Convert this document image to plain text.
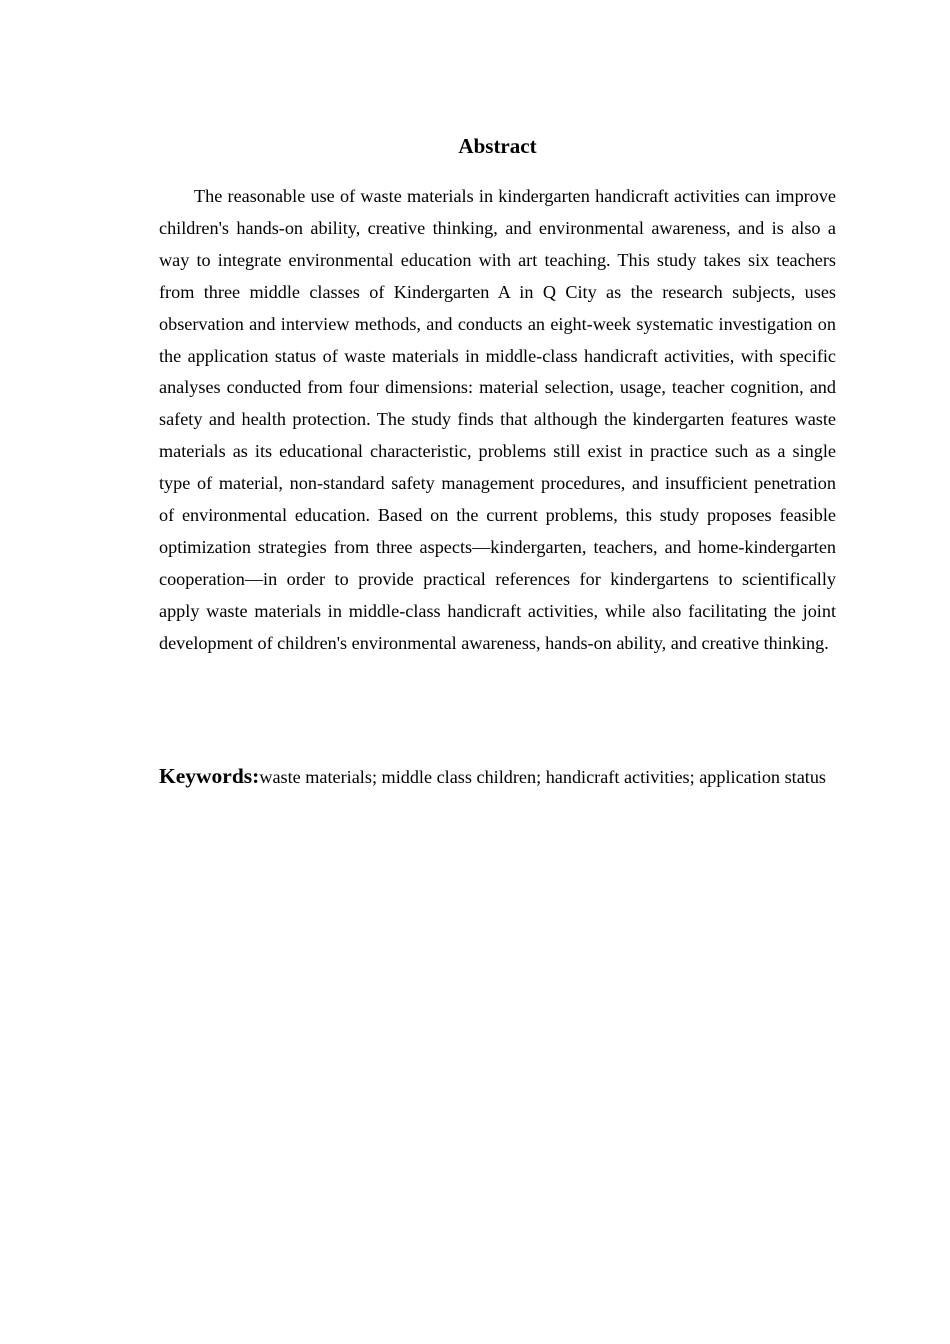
Abstract

The reasonable use of waste materials in kindergarten handicraft activities can improve children's hands-on ability, creative thinking, and environmental awareness, and is also a way to integrate environmental education with art teaching. This study takes six teachers from three middle classes of Kindergarten A in Q City as the research subjects, uses observation and interview methods, and conducts an eight-week systematic investigation on the application status of waste materials in middle-class handicraft activities, with specific analyses conducted from four dimensions: material selection, usage, teacher cognition, and safety and health protection. The study finds that although the kindergarten features waste materials as its educational characteristic, problems still exist in practice such as a single type of material, non-standard safety management procedures, and insufficient penetration of environmental education. Based on the current problems, this study proposes feasible optimization strategies from three aspects—kindergarten, teachers, and home-kindergarten cooperation—in order to provide practical references for kindergartens to scientifically apply waste materials in middle-class handicraft activities, while also facilitating the joint development of children's environmental awareness, hands-on ability, and creative thinking.

Keywords:waste materials; middle class children; handicraft activities; application status
